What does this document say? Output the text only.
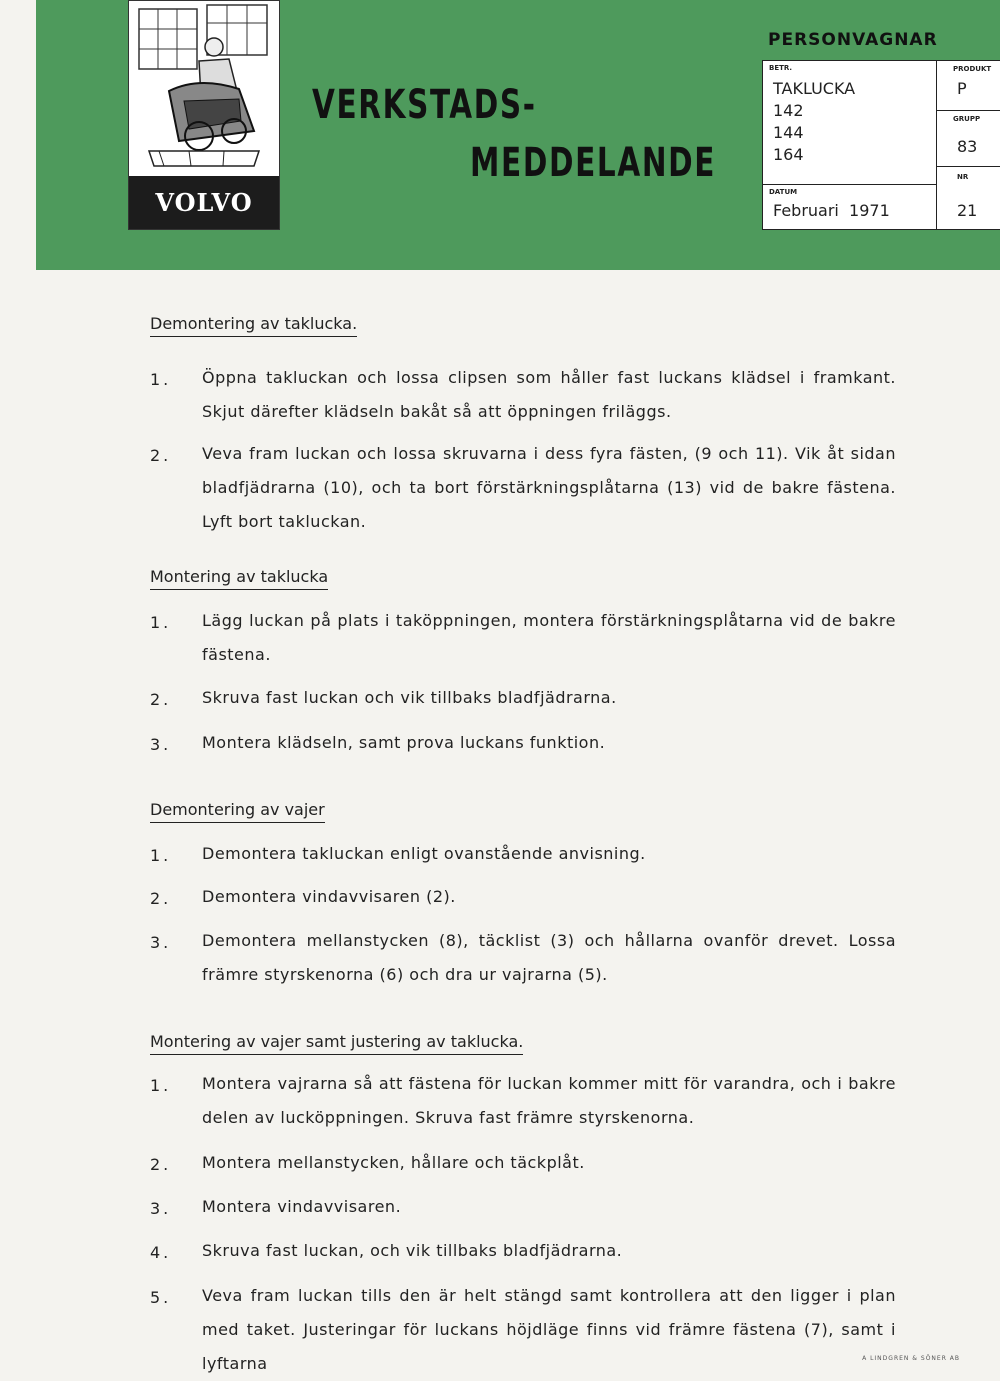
VOLVO
VERKSTADS-
MEDDELANDE
PERSONVAGNAR
BETR.
TAKLUCKA
142
144
164
DATUM
Februari  1971
PRODUKT
P
GRUPP
83
NR
21
Demontering av taklucka.
1. Öppna takluckan och lossa clipsen som håller fast luckans klädsel i framkant. Skjut därefter klädseln bakåt så att öppningen friläggs.
2. Veva fram luckan och lossa skruvarna i dess fyra fästen, (9 och 11). Vik åt sidan bladfjädrarna (10), och ta bort förstärkningsplåtarna (13) vid de bakre fästena. Lyft bort takluckan.
Montering av taklucka
1. Lägg luckan på plats i taköppningen, montera förstärkningsplåtarna vid de bakre fästena.
2. Skruva fast luckan och vik tillbaks bladfjädrarna.
3. Montera klädseln, samt prova luckans funktion.
Demontering av vajer
1. Demontera takluckan enligt ovanstående anvisning.
2. Demontera vindavvisaren (2).
3. Demontera mellanstycken (8), täcklist (3) och hållarna ovanför drevet. Lossa främre styrskenorna (6) och dra ur vajrarna (5).
Montering av vajer samt justering av taklucka.
1. Montera vajrarna så att fästena för luckan kommer mitt för varandra, och i bakre delen av lucköppningen. Skruva fast främre styrskenorna.
2. Montera mellanstycken, hållare och täckplåt.
3. Montera vindavvisaren.
4. Skruva fast luckan, och vik tillbaks bladfjädrarna.
5. Veva fram luckan tills den är helt stängd samt kontrollera att den ligger i plan med taket. Justeringar för luckans höjdläge finns vid främre fästena (7), samt i lyftarna	A LINDGREN & SÖNER AB
